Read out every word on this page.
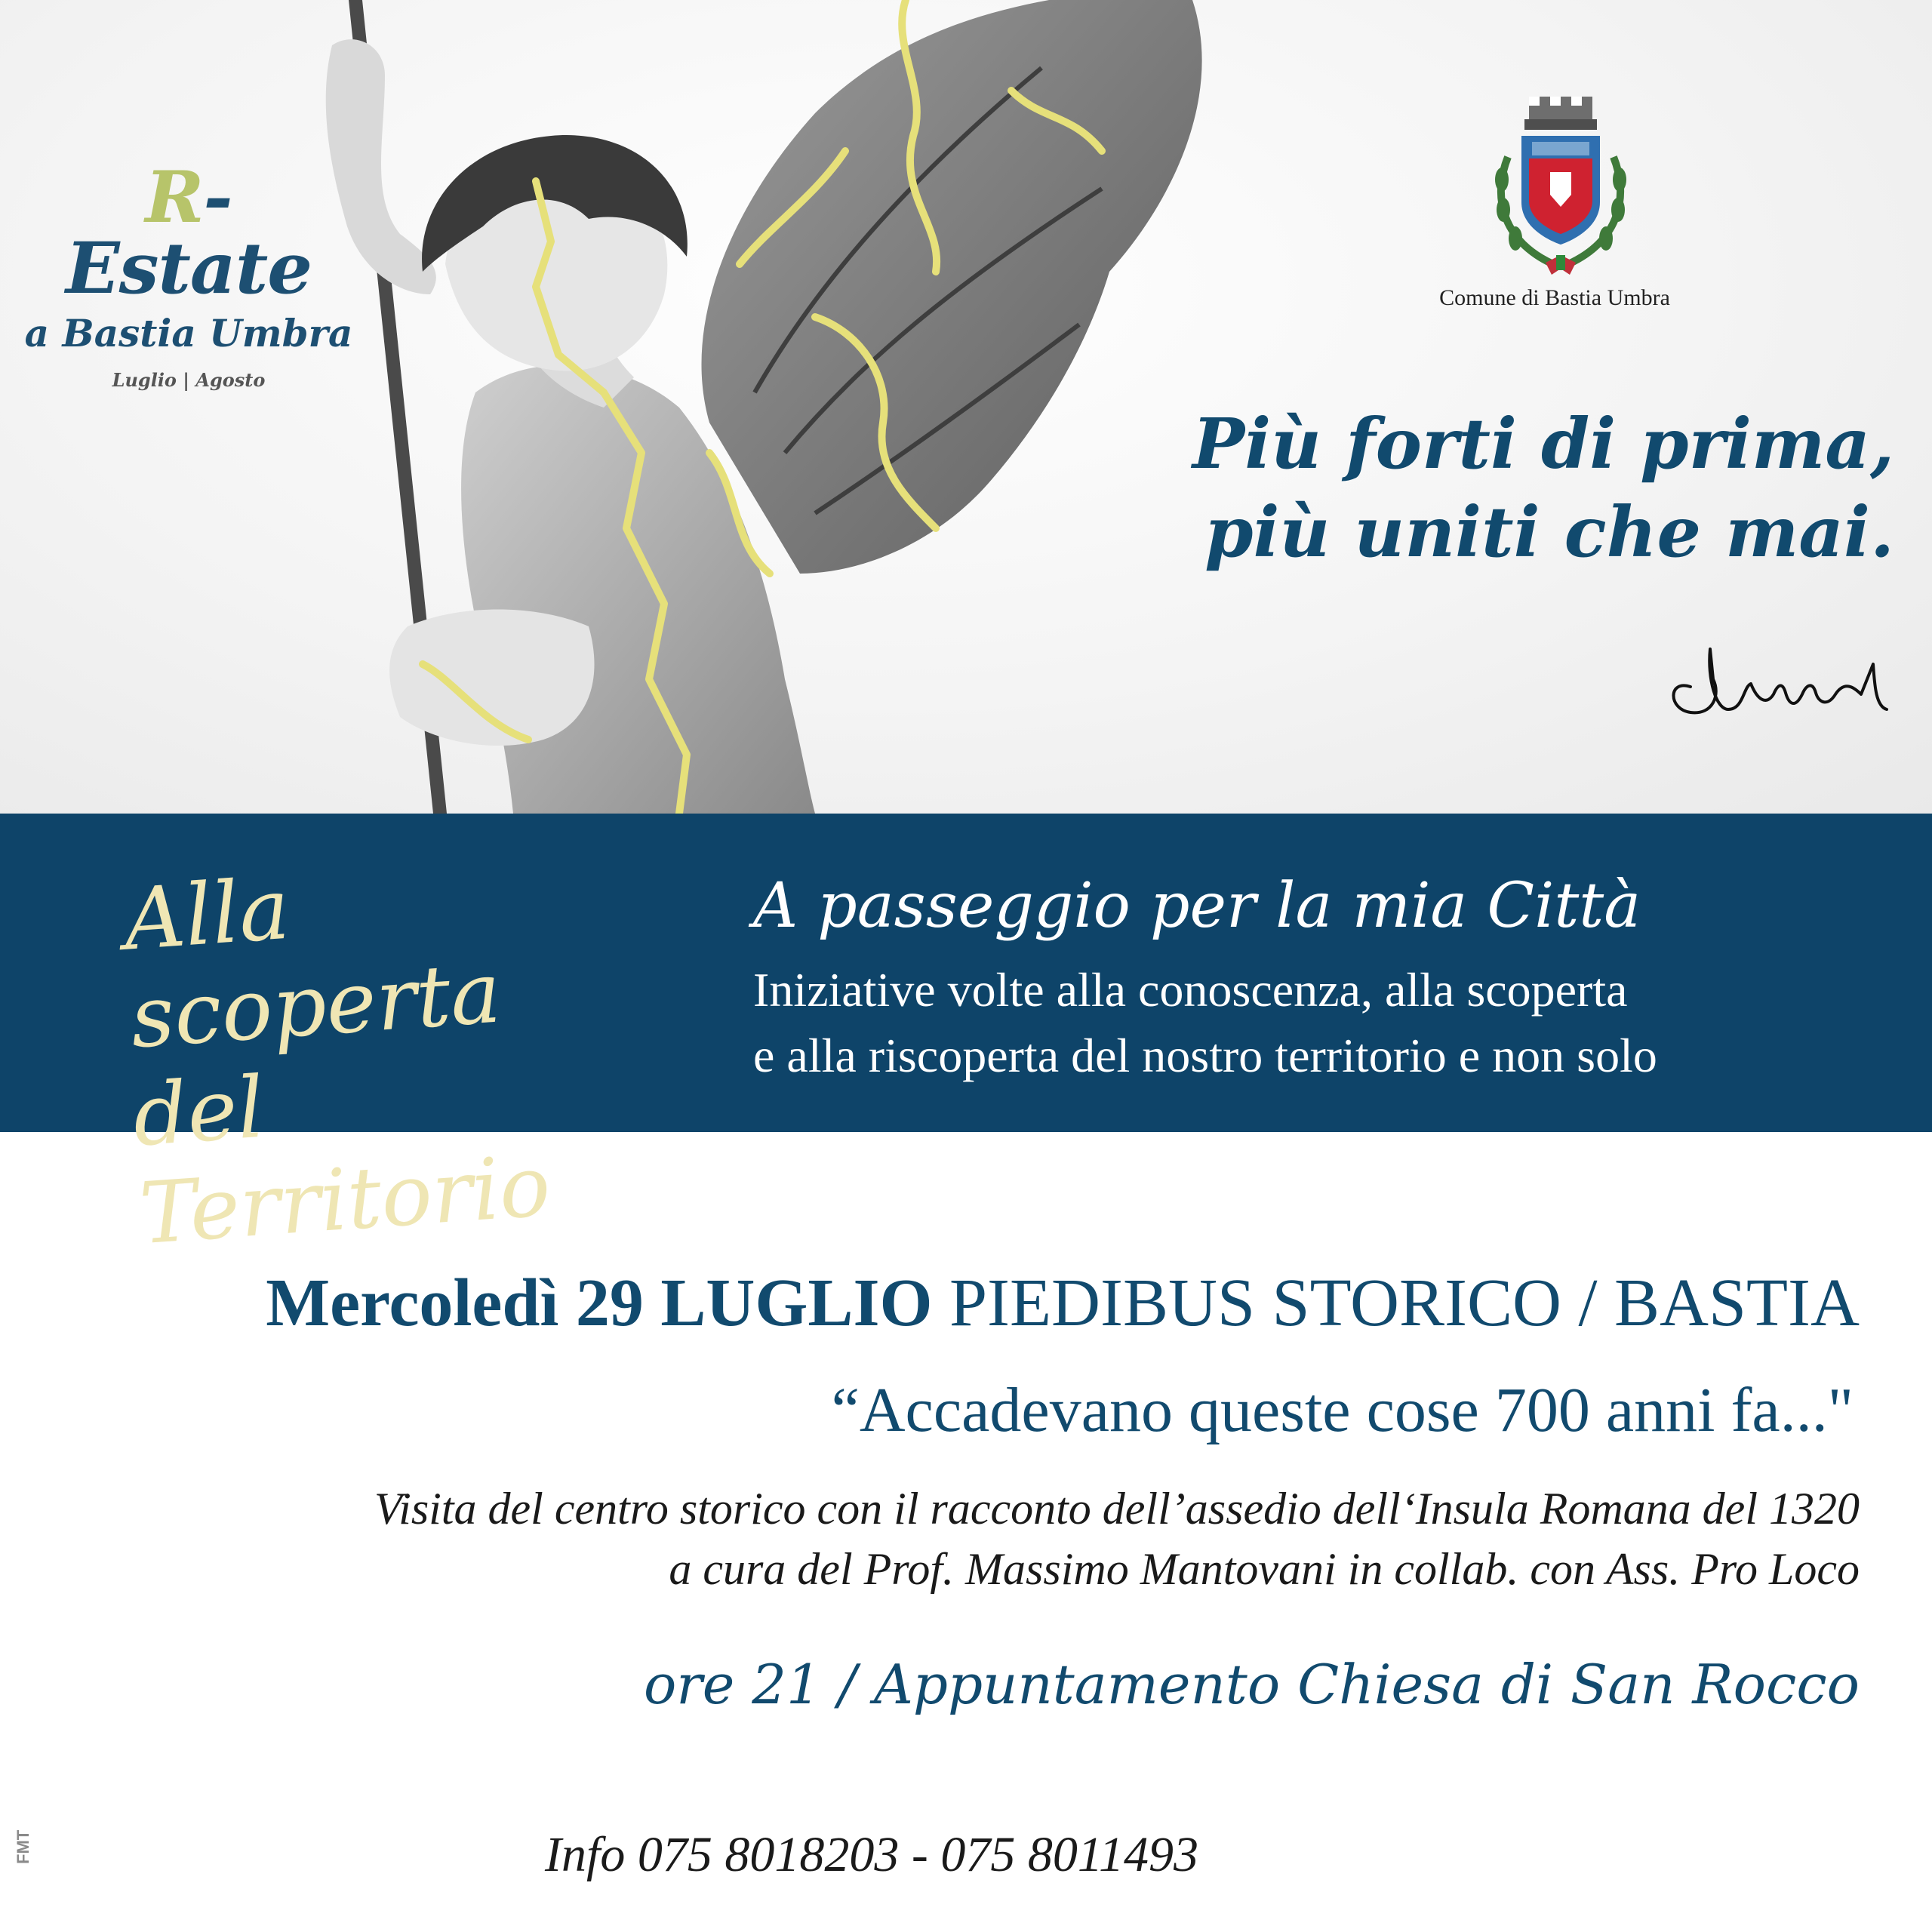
R-Estate
a Bastia Umbra
Luglio | Agosto
Comune di Bastia Umbra
Più forti di prima,
più uniti che mai.
Alla scoperta
del Territorio
A passeggio per la mia Città
Iniziative volte alla conoscenza, alla scoperta
e alla riscoperta del nostro territorio e non solo
Mercoledì 29 LUGLIO PIEDIBUS STORICO / BASTIA
“Accadevano queste cose 700 anni fa..."
Visita del centro storico con il racconto dell’assedio dell‘Insula Romana del 1320
a cura del Prof. Massimo Mantovani in collab. con Ass. Pro Loco
ore 21 / Appuntamento Chiesa di San Rocco
Info 075 8018203 - 075 8011493
FMT
